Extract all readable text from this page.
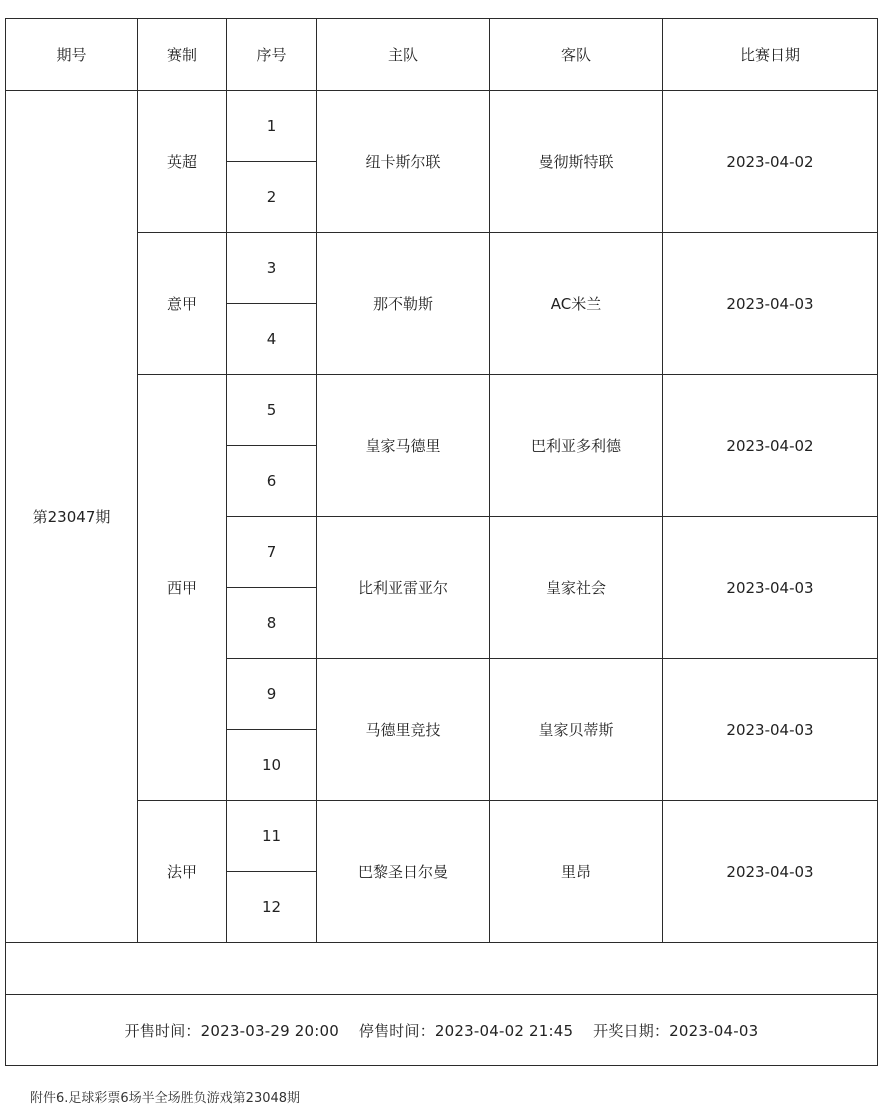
期号	赛制	序号	主队	客队	比赛日期
第23047期	英超	1	纽卡斯尔联	曼彻斯特联	2023-04-02
		2			
	意甲	3	那不勒斯	AC米兰	2023-04-03
		4			
	西甲	5	皇家马德里	巴利亚多利德	2023-04-02
		6			
		7	比利亚雷亚尔	皇家社会	2023-04-03
		8			
		9	马德里竞技	皇家贝蒂斯	2023-04-03
		10			
	法甲	11	巴黎圣日尔曼	里昂	2023-04-03
		12			

开售时间：2023-03-29 20:00 停售时间：2023-04-02 21:45 开奖日期：2023-04-03					
附件6.足球彩票6场半全场胜负游戏第23048期
